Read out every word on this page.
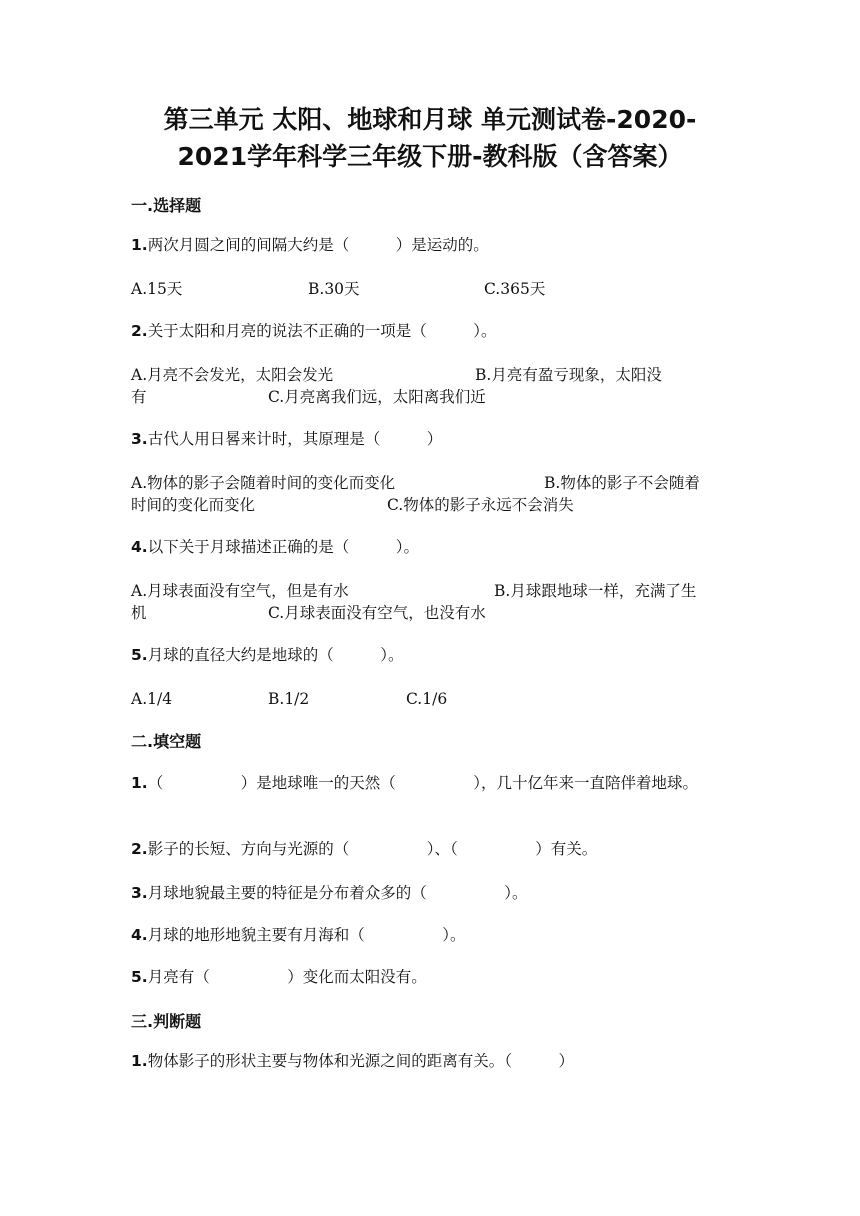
第三单元 太阳、地球和月球 单元测试卷-2020-
2021学年科学三年级下册-教科版（含答案）
一.选择题
1.两次月圆之间的间隔大约是（　　　）是运动的。
A.15天	B.30天	C.365天
2.关于太阳和月亮的说法不正确的一项是（　　　）。
A.月亮不会发光，太阳会发光	B.月亮有盈亏现象，太阳没
有	C.月亮离我们远，太阳离我们近
3.古代人用日晷来计时，其原理是（　　　）
A.物体的影子会随着时间的变化而变化	B.物体的影子不会随着
时间的变化而变化	C.物体的影子永远不会消失
4.以下关于月球描述正确的是（　　　）。
A.月球表面没有空气，但是有水	B.月球跟地球一样，充满了生
机	C.月球表面没有空气，也没有水
5.月球的直径大约是地球的（　　　）。
A.1/4	B.1/2	C.1/6
二.填空题
1.（　　　　　）是地球唯一的天然（　　　　　），几十亿年来一直陪伴着地球。
2.影子的长短、方向与光源的（　　　　　）、（　　　　　）有关。
3.月球地貌最主要的特征是分布着众多的（　　　　　）。
4.月球的地形地貌主要有月海和（　　　　　）。
5.月亮有（　　　　　）变化而太阳没有。
三.判断题
1.物体影子的形状主要与物体和光源之间的距离有关。（　　　）
